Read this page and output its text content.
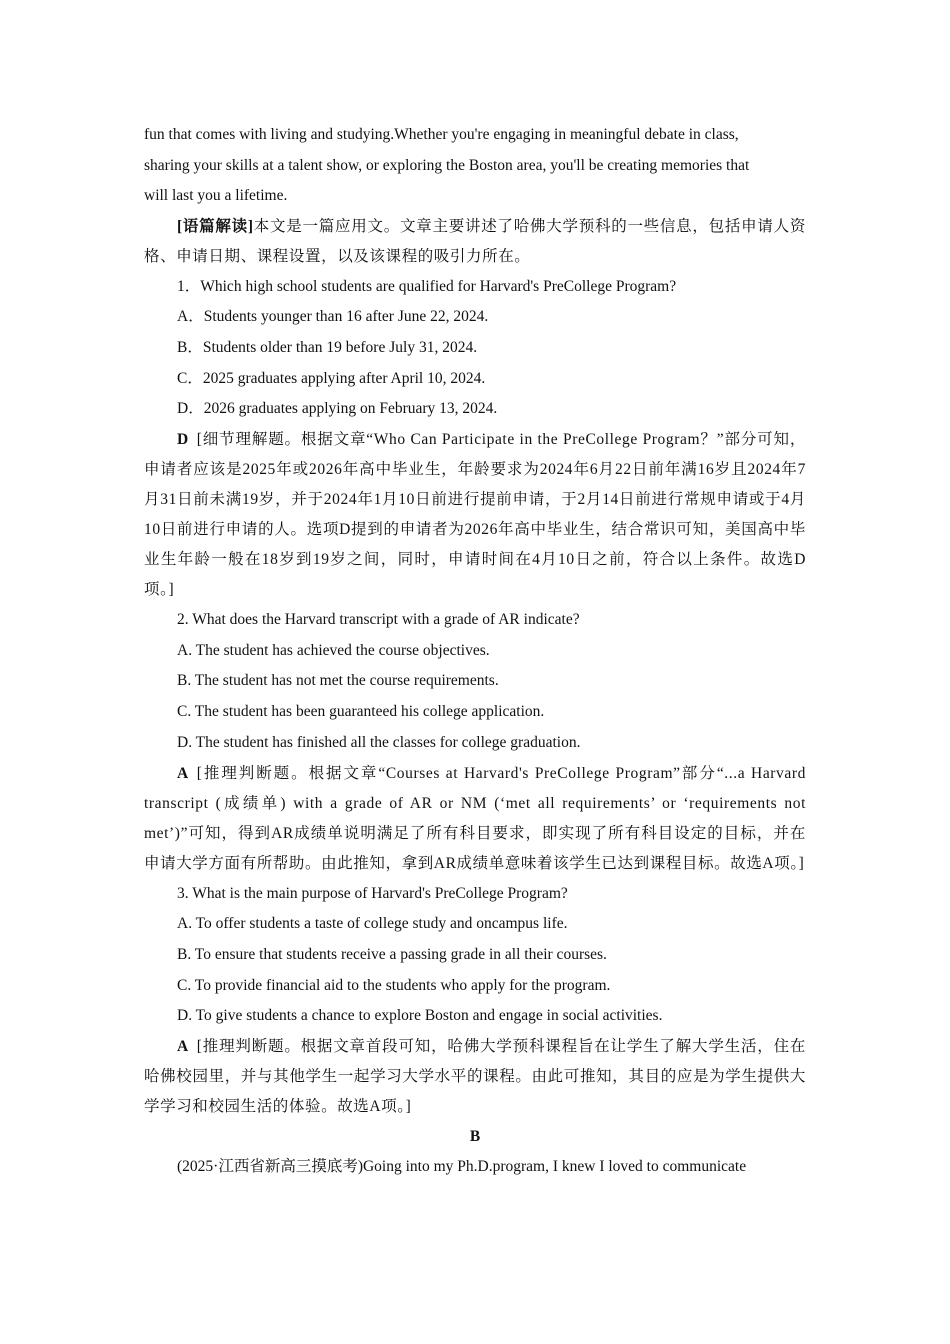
fun that comes with living and studying.Whether you're engaging in meaningful debate in class,
sharing your skills at a talent show, or exploring the Boston area, you'll be creating memories that
will last you a lifetime.

[语篇解读]本文是一篇应用文。文章主要讲述了哈佛大学预科的一些信息，包括申请人资格、申请日期、课程设置，以及该课程的吸引力所在。

1．Which high school students are qualified for Harvard's PreCollege Program?
A．Students younger than 16 after June 22, 2024.
B．Students older than 19 before July 31, 2024.
C．2025 graduates applying after April 10, 2024.
D．2026 graduates applying on February 13, 2024.

D [细节理解题。根据文章“Who Can Participate in the PreCollege Program？”部分可知，申请者应该是2025年或2026年高中毕业生，年龄要求为2024年6月22日前年满16岁且2024年7月31日前未满19岁，并于2024年1月10日前进行提前申请，于2月14日前进行常规申请或于4月10日前进行申请的人。选项D提到的申请者为2026年高中毕业生，结合常识可知，美国高中毕业生年龄一般在18岁到19岁之间，同时，申请时间在4月10日之前，符合以上条件。故选D项。]

2. What does the Harvard transcript with a grade of AR indicate?
A. The student has achieved the course objectives.
B. The student has not met the course requirements.
C. The student has been guaranteed his college application.
D. The student has finished all the classes for college graduation.

A [推理判断题。根据文章“Courses at Harvard's PreCollege Program”部分“...a Harvard transcript (成绩单) with a grade of AR or NM (‘met all requirements’ or ‘requirements not met’)”可知，得到AR成绩单说明满足了所有科目要求，即实现了所有科目设定的目标，并在申请大学方面有所帮助。由此推知，拿到AR成绩单意味着该学生已达到课程目标。故选A项。]

3. What is the main purpose of Harvard's PreCollege Program?
A. To offer students a taste of college study and oncampus life.
B. To ensure that students receive a passing grade in all their courses.
C. To provide financial aid to the students who apply for the program.
D. To give students a chance to explore Boston and engage in social activities.

A [推理判断题。根据文章首段可知，哈佛大学预科课程旨在让学生了解大学生活，住在哈佛校园里，并与其他学生一起学习大学水平的课程。由此可推知，其目的应是为学生提供大学学习和校园生活的体验。故选A项。]

B
(2025·江西省新高三摸底考)Going into my Ph.D.program, I knew I loved to communicate
